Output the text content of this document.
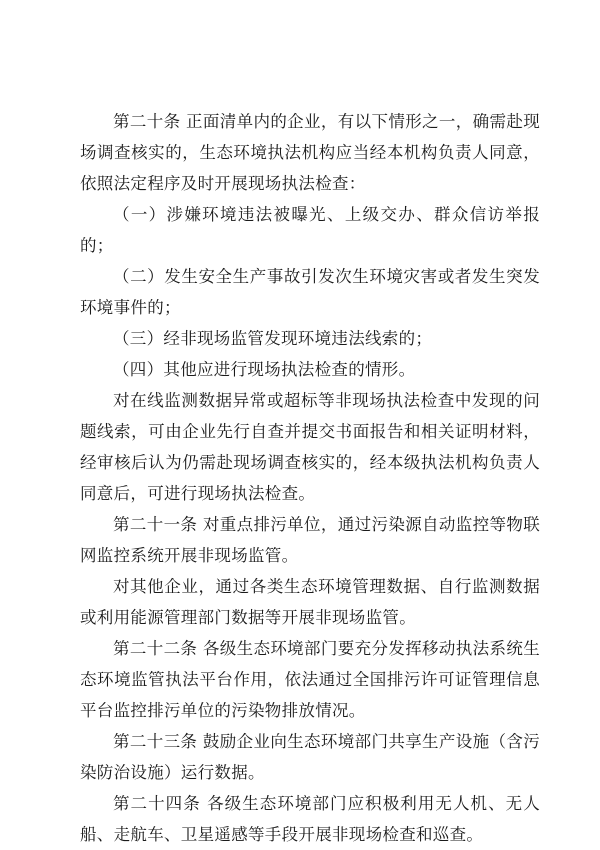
第二十条 正面清单内的企业，有以下情形之一，确需赴现场调查核实的，生态环境执法机构应当经本机构负责人同意，依照法定程序及时开展现场执法检查：

（一）涉嫌环境违法被曝光、上级交办、群众信访举报的；

（二）发生安全生产事故引发次生环境灾害或者发生突发环境事件的；

（三）经非现场监管发现环境违法线索的；

（四）其他应进行现场执法检查的情形。

对在线监测数据异常或超标等非现场执法检查中发现的问题线索，可由企业先行自查并提交书面报告和相关证明材料，经审核后认为仍需赴现场调查核实的，经本级执法机构负责人同意后，可进行现场执法检查。

第二十一条 对重点排污单位，通过污染源自动监控等物联网监控系统开展非现场监管。

对其他企业，通过各类生态环境管理数据、自行监测数据或利用能源管理部门数据等开展非现场监管。

第二十二条 各级生态环境部门要充分发挥移动执法系统生态环境监管执法平台作用，依法通过全国排污许可证管理信息平台监控排污单位的污染物排放情况。

第二十三条 鼓励企业向生态环境部门共享生产设施（含污染防治设施）运行数据。

第二十四条 各级生态环境部门应积极利用无人机、无人船、走航车、卫星遥感等手段开展非现场检查和巡查。
